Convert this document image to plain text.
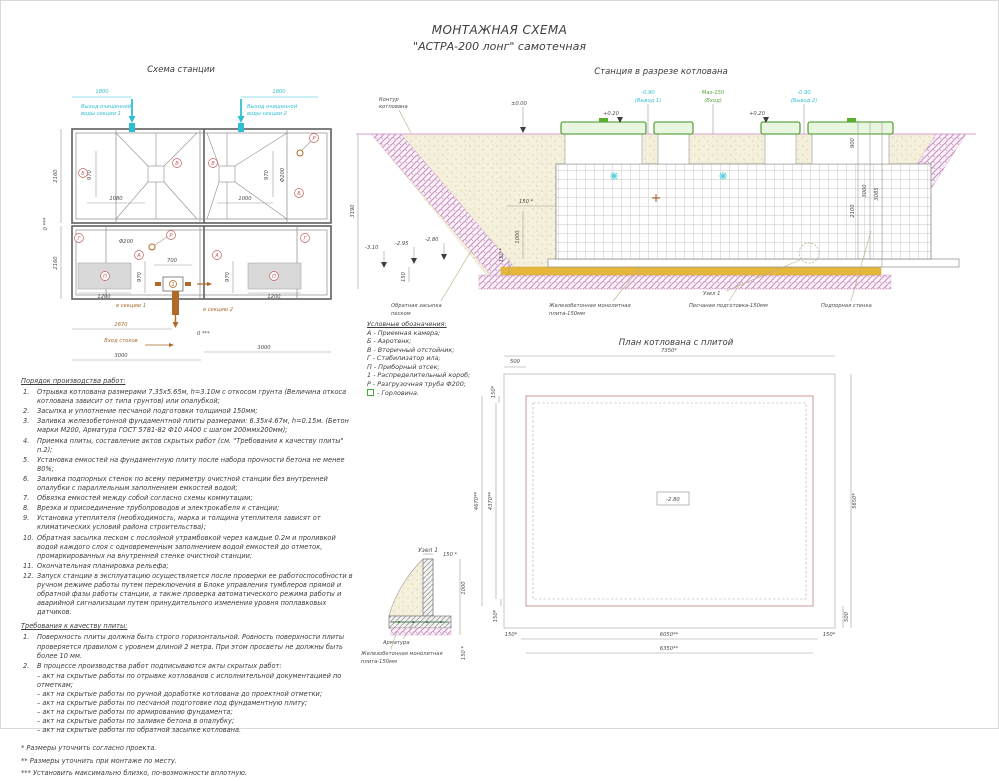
МОНТАЖНАЯ СХЕМА
"АСТРА-200 лонг" самотечная
Схема станции	Станция в разрезе котлована
План котлована с плитой
1800
Выход очищенной
воды секции 1
1800
Выход очищенной
воды секции 2
2160
2160
0 ***
970
1080	1000
970 Ф200
700
970	970
1200	1200
Б
В	В
Б
Р
Г
А
П
А
П
Г
Р
Ф200
1
в секцию 1
в секцию 2
2670
Вход стоков
3000
0 ***
3000
Контур
котлована	±0.00
+0.20	+0.20
-0.90
(Вывод 1)
Max-150
(Вход)
-0.90
(Вывод 2)
900
2100
3000 3085
3190
-3.10
-2.95
-2.80
150
150 *
1000
150 *
Обратная засыпка
песком
Железобетонная монолитная
плита-150мм
Узел 1
Песчаная подготовка-150мм	Подпорная стенка
Условные обозначения:
А - Приемная камера;
Б - Аэротенк;
В - Вторичный отстойник;
Г - Стабилизатор ила;
П - Приборный отсек;
1 - Распределительный короб;
Р - Разгрузочная труба Ф200;
- Горловина.
Порядок производства работ:
Отрывка котлована размерами 7.35х5.65м, h=3.10м с откосом грунта (Величина откоса котлована зависит от типа грунтов) или опалубкой;
Засыпка и уплотнение песчаной подготовки толщиной 150мм;
Заливка железобетонной фундаментной плиты размерами: 6.35х4.67м, h=0.15м. (Бетон марки М200, Арматура ГОСТ 5781-82 Ф10 А400 с шагом 200ммх200мм);
Приемка плиты, составление актов скрытых работ (см. "Требования к качеству плиты" п.2);
Установка емкостей на фундаментную плиту после набора прочности бетона не менее 80%;
Заливка подпорных стенок по всему периметру очистной станции без внутренней опалубки с параллельным заполнением емкостей водой;
Обвязка емкостей между собой согласно схемы коммутации;
Врезка и присоединение трубопроводов и электрокабеля к станции;
Установка утеплителя (необходимость, марка и толщина утеплителя зависят от климатических условий района строительства);
Обратная засыпка песком с послойной утрамбовкой через каждые 0.2м и проливкой водой каждого слоя с одновременным заполнением водой емкостей до отметок, промаркированных на внутренней стенке очистной станции;
Окончательная планировка рельефа;
Запуск станции в эксплуатацию осуществляется после проверки ее работоспособности в ручном режиме работы путем переключения в Блоке управления тумблеров прямой и обратной фазы работы станции, а также проверка автоматического режима работы и аварийной сигнализации путем принудительного изменения уровня поплавковых датчиков.
Требования к качеству плиты:
Поверхность плиты должна быть строго горизонтальной. Ровность поверхности плиты проверяется правилом с уровнем длиной 2 метра. При этом просветы не должны быть более 10 мм.
В процессе производства работ подписываются акты скрытых работ:
– акт на скрытые работы по отрывке котлованов с исполнительной документацией по отметкам;
– акт на скрытые работы по ручной доработке котлована до проектной отметки;
– акт на скрытые работы по песчаной подготовке под фундаментную плиту;
– акт на скрытые работы по армированию фундамента;
– акт на скрытые работы по заливке бетона в опалубку;
– акт на скрытые работы по обратной засыпке котлована.
* Размеры уточнить согласно проекта.
** Размеры уточнить при монтаже по месту.
*** Установить максимально близко, по-возможности вплотную.
-2.80
7350*
500
150*
4670** 4370**	5650*
500
150*
150*	6050**	150*
6350**
Узел 1
150 *
1000
150 *
Арматура
Железобетонная монолитная
плита-150мм
